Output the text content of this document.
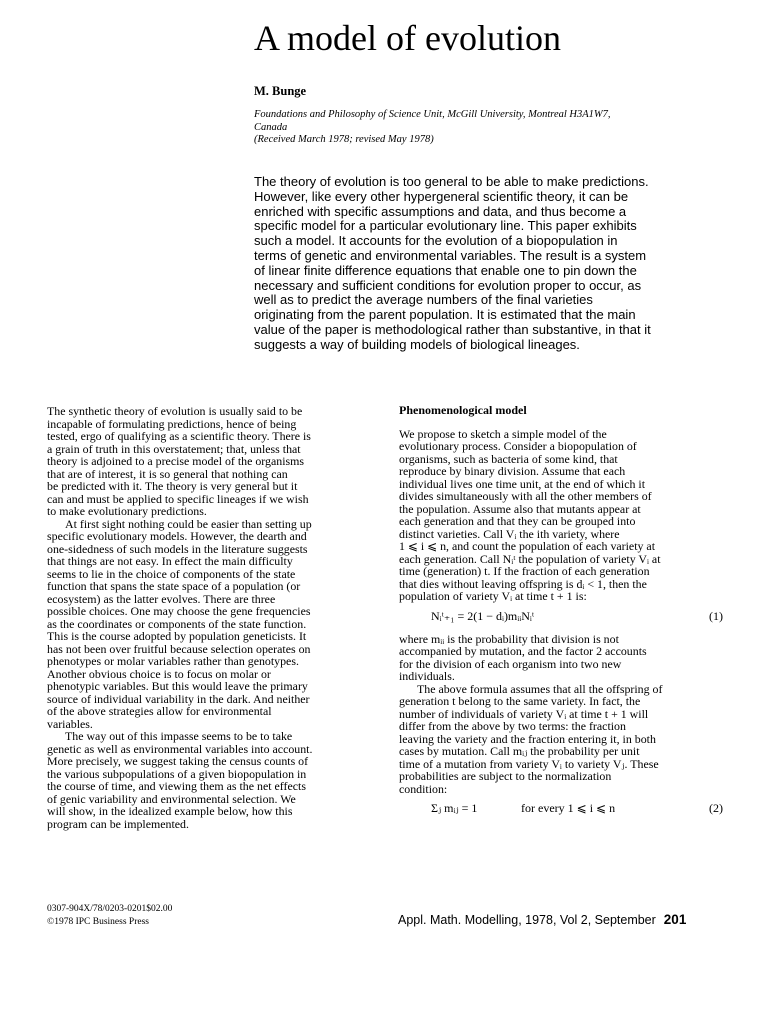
A model of evolution
M. Bunge
Foundations and Philosophy of Science Unit, McGill University, Montreal H3A1W7,
Canada
(Received March 1978; revised May 1978)
The theory of evolution is too general to be able to make predictions.
However, like every other hypergeneral scientific theory, it can be
enriched with specific assumptions and data, and thus become a
specific model for a particular evolutionary line. This paper exhibits
such a model. It accounts for the evolution of a biopopulation in
terms of genetic and environmental variables. The result is a system
of linear finite difference equations that enable one to pin down the
necessary and sufficient conditions for evolution proper to occur, as
well as to predict the average numbers of the final varieties
originating from the parent population. It is estimated that the main
value of the paper is methodological rather than substantive, in that it
suggests a way of building models of biological lineages.
The synthetic theory of evolution is usually said to be
incapable of formulating predictions, hence of being
tested, ergo of qualifying as a scientific theory. There is
a grain of truth in this overstatement; that, unless that
theory is adjoined to a precise model of the organisms
that are of interest, it is so general that nothing can
be predicted with it. The theory is very general but it
can and must be applied to specific lineages if we wish
to make evolutionary predictions.
At first sight nothing could be easier than setting up
specific evolutionary models. However, the dearth and
one-sidedness of such models in the literature suggests
that things are not easy. In effect the main difficulty
seems to lie in the choice of components of the state
function that spans the state space of a population (or
ecosystem) as the latter evolves. There are three
possible choices. One may choose the gene frequencies
as the coordinates or components of the state function.
This is the course adopted by population geneticists. It
has not been over fruitful because selection operates on
phenotypes or molar variables rather than genotypes.
Another obvious choice is to focus on molar or
phenotypic variables. But this would leave the primary
source of individual variability in the dark. And neither
of the above strategies allow for environmental
variables.
The way out of this impasse seems to be to take
genetic as well as environmental variables into account.
More precisely, we suggest taking the census counts of
the various subpopulations of a given biopopulation in
the course of time, and viewing them as the net effects
of genic variability and environmental selection. We
will show, in the idealized example below, how this
program can be implemented.
Phenomenological model
We propose to sketch a simple model of the
evolutionary process. Consider a biopopulation of
organisms, such as bacteria of some kind, that
reproduce by binary division. Assume that each
individual lives one time unit, at the end of which it
divides simultaneously with all the other members of
the population. Assume also that mutants appear at
each generation and that they can be grouped into
distinct varieties. Call Vᵢ the ith variety, where
1 ⩽ i ⩽ n, and count the population of each variety at
each generation. Call Nᵢᵗ the population of variety Vᵢ at
time (generation) t. If the fraction of each generation
that dies without leaving offspring is dᵢ < 1, then the
population of variety Vᵢ at time t + 1 is:
Nᵢᵗ₊₁ = 2(1 − dᵢ)mᵢᵢNᵢᵗ	(1)
where mᵢᵢ is the probability that division is not
accompanied by mutation, and the factor 2 accounts
for the division of each organism into two new
individuals.
The above formula assumes that all the offspring of
generation t belong to the same variety. In fact, the
number of individuals of variety Vᵢ at time t + 1 will
differ from the above by two terms: the fraction
leaving the variety and the fraction entering it, in both
cases by mutation. Call mᵢⱼ the probability per unit
time of a mutation from variety Vᵢ to variety Vⱼ. These
probabilities are subject to the normalization
condition:
Σⱼ mᵢⱼ = 1	for every 1 ⩽ i ⩽ n	(2)
0307-904X/78/0203-0201$02.00
©1978 IPC Business Press	Appl. Math. Modelling, 1978, Vol 2, September 201
